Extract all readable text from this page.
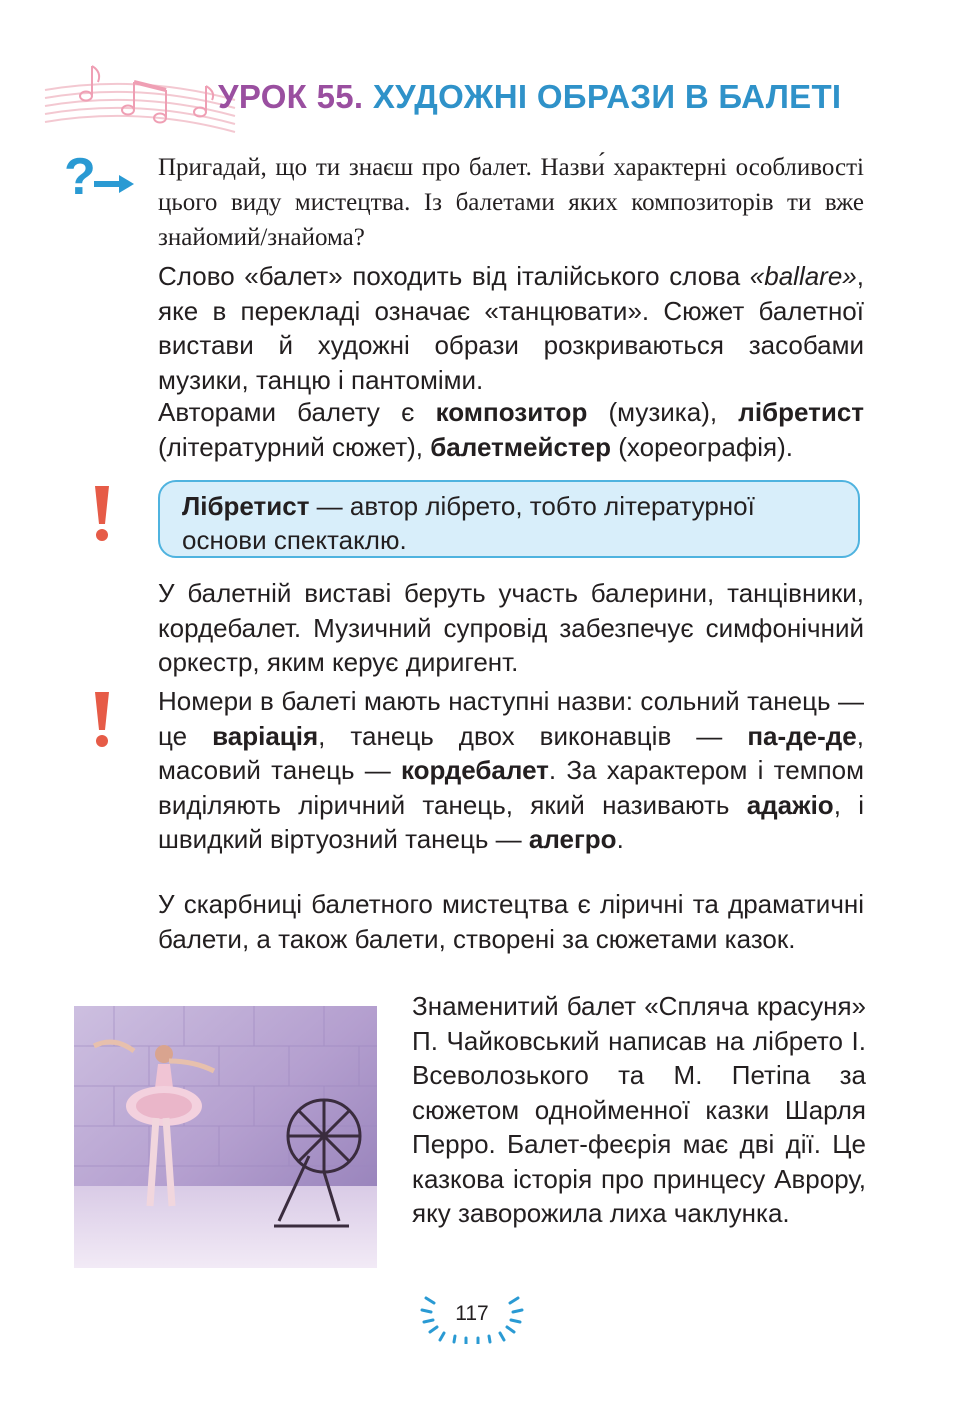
УРОК 55. ХУДОЖНІ ОБРАЗИ В БАЛЕТІ
? Пригадай, що ти знаєш про балет. Назви́ характерні особливості цього виду мистецтва. Із балетами яких композиторів ти вже знайомий/знайома?
Слово «балет» походить від італійського слова «ballare», яке в перекладі означає «танцювати». Сюжет балетної вистави й художні образи розкриваються засобами музики, танцю і пантоміми.
Авторами балету є композитор (музика), лібретист (літературний сюжет), балетмейстер (хореографія).
Лібретист — автор лібрето, тобто літературної основи спектаклю.
У балетній виставі беруть участь балерини, танцівники, кордебалет. Музичний супровід забезпечує симфонічний оркестр, яким керує диригент.
Номери в балеті мають наступні назви: сольний танець — це варіація, танець двох виконавців — па-де-де, масовий танець — кордебалет. За характером і темпом виділяють ліричний танець, який називають адажіо, і швидкий віртуозний танець — алегро.
У скарбниці балетного мистецтва є ліричні та драматичні балети, а також балети, створені за сюжетами казок.
Знаменитий балет «Спляча красуня» П. Чайковський написав на лібрето І. Всеволозького та М. Петіпа за сюжетом однойменної казки Шарля Перро. Балет-феєрія має дві дії. Це казкова історія про принцесу Аврору, яку заворожила лиха чаклунка.
117
